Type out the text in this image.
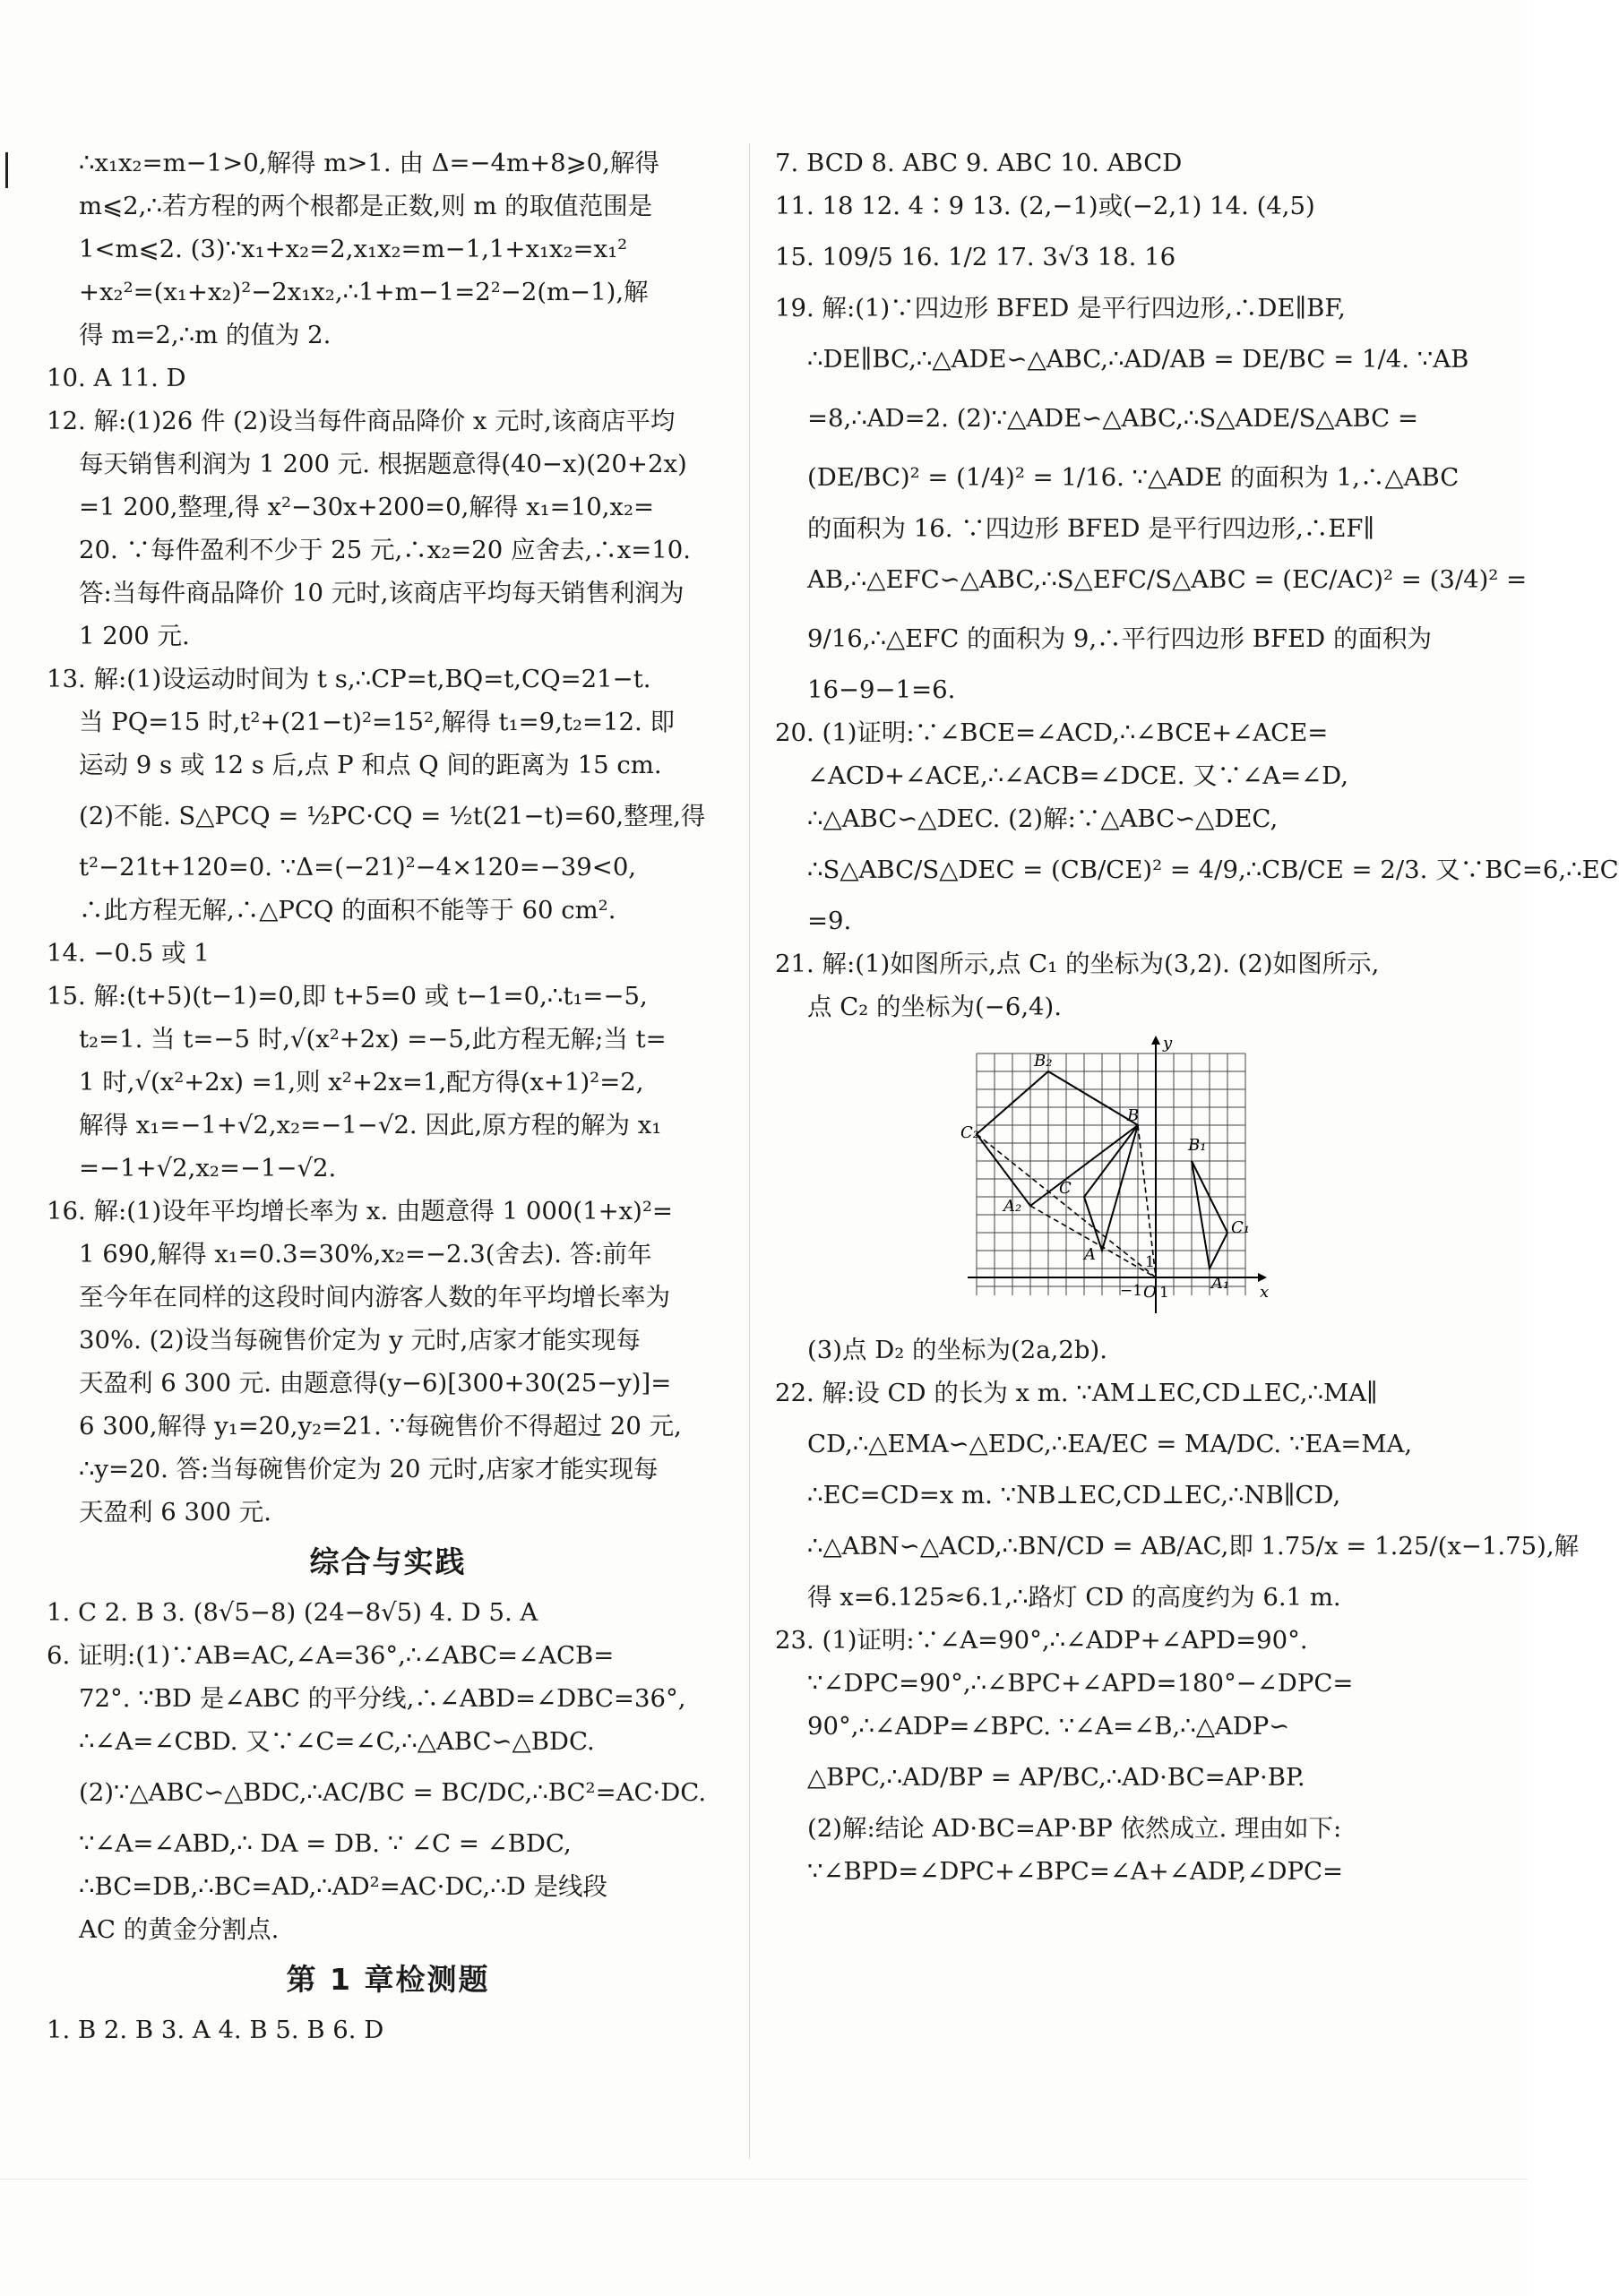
∴x₁x₂=m−1>0,解得 m>1. 由 Δ=−4m+8⩾0,解得
m⩽2,∴若方程的两个根都是正数,则 m 的取值范围是
1<m⩽2. (3)∵x₁+x₂=2,x₁x₂=m−1,1+x₁x₂=x₁²
+x₂²=(x₁+x₂)²−2x₁x₂,∴1+m−1=2²−2(m−1),解
得 m=2,∴m 的值为 2.
10. A 11. D
12. 解:(1)26 件 (2)设当每件商品降价 x 元时,该商店平均
每天销售利润为 1 200 元. 根据题意得(40−x)(20+2x)
=1 200,整理,得 x²−30x+200=0,解得 x₁=10,x₂=
20. ∵每件盈利不少于 25 元,∴x₂=20 应舍去,∴x=10.
答:当每件商品降价 10 元时,该商店平均每天销售利润为
1 200 元.
13. 解:(1)设运动时间为 t s,∴CP=t,BQ=t,CQ=21−t.
当 PQ=15 时,t²+(21−t)²=15²,解得 t₁=9,t₂=12. 即
运动 9 s 或 12 s 后,点 P 和点 Q 间的距离为 15 cm.
(2)不能. S△PCQ = ½PC·CQ = ½t(21−t)=60,整理,得
t²−21t+120=0. ∵Δ=(−21)²−4×120=−39<0,
∴此方程无解,∴△PCQ 的面积不能等于 60 cm².
14. −0.5 或 1
15. 解:(t+5)(t−1)=0,即 t+5=0 或 t−1=0,∴t₁=−5,
t₂=1. 当 t=−5 时,√(x²+2x) =−5,此方程无解;当 t=
1 时,√(x²+2x) =1,则 x²+2x=1,配方得(x+1)²=2,
解得 x₁=−1+√2,x₂=−1−√2. 因此,原方程的解为 x₁
=−1+√2,x₂=−1−√2.
16. 解:(1)设年平均增长率为 x. 由题意得 1 000(1+x)²=
1 690,解得 x₁=0.3=30%,x₂=−2.3(舍去). 答:前年
至今年在同样的这段时间内游客人数的年平均增长率为
30%. (2)设当每碗售价定为 y 元时,店家才能实现每
天盈利 6 300 元. 由题意得(y−6)[300+30(25−y)]=
6 300,解得 y₁=20,y₂=21. ∵每碗售价不得超过 20 元,
∴y=20. 答:当每碗售价定为 20 元时,店家才能实现每
天盈利 6 300 元.
综合与实践
1. C 2. B 3. (8√5−8) (24−8√5) 4. D 5. A
6. 证明:(1)∵AB=AC,∠A=36°,∴∠ABC=∠ACB=
72°. ∵BD 是∠ABC 的平分线,∴∠ABD=∠DBC=36°,
∴∠A=∠CBD. 又∵∠C=∠C,∴△ABC∽△BDC.
(2)∵△ABC∽△BDC,∴AC/BC = BC/DC,∴BC²=AC·DC.
∵∠A=∠ABD,∴ DA = DB. ∵ ∠C = ∠BDC,
∴BC=DB,∴BC=AD,∴AD²=AC·DC,∴D 是线段
AC 的黄金分割点.
第 1 章检测题
1. B 2. B 3. A 4. B 5. B 6. D
7. BCD 8. ABC 9. ABC 10. ABCD
11. 18 12. 4∶9 13. (2,−1)或(−2,1) 14. (4,5)
15. 109/5 16. 1/2 17. 3√3 18. 16
19. 解:(1)∵四边形 BFED 是平行四边形,∴DE∥BF,
∴DE∥BC,∴△ADE∽△ABC,∴AD/AB = DE/BC = 1/4. ∵AB
=8,∴AD=2. (2)∵△ADE∽△ABC,∴S△ADE/S△ABC =
(DE/BC)² = (1/4)² = 1/16. ∵△ADE 的面积为 1,∴△ABC
的面积为 16. ∵四边形 BFED 是平行四边形,∴EF∥
AB,∴△EFC∽△ABC,∴S△EFC/S△ABC = (EC/AC)² = (3/4)² =
9/16,∴△EFC 的面积为 9,∴平行四边形 BFED 的面积为
16−9−1=6.
20. (1)证明:∵∠BCE=∠ACD,∴∠BCE+∠ACE=
∠ACD+∠ACE,∴∠ACB=∠DCE. 又∵∠A=∠D,
∴△ABC∽△DEC. (2)解:∵△ABC∽△DEC,
∴S△ABC/S△DEC = (CB/CE)² = 4/9,∴CB/CE = 2/3. 又∵BC=6,∴EC
=9.
21. 解:(1)如图所示,点 C₁ 的坐标为(3,2). (2)如图所示,
点 C₂ 的坐标为(−6,4).
B₂
C₂
A₂
C
B
A
B₁
C₁
A₁ x
y
O 1
−1
1
(3)点 D₂ 的坐标为(2a,2b).
22. 解:设 CD 的长为 x m. ∵AM⊥EC,CD⊥EC,∴MA∥
CD,∴△EMA∽△EDC,∴EA/EC = MA/DC. ∵EA=MA,
∴EC=CD=x m. ∵NB⊥EC,CD⊥EC,∴NB∥CD,
∴△ABN∽△ACD,∴BN/CD = AB/AC,即 1.75/x = 1.25/(x−1.75),解
得 x=6.125≈6.1,∴路灯 CD 的高度约为 6.1 m.
23. (1)证明:∵∠A=90°,∴∠ADP+∠APD=90°.
∵∠DPC=90°,∴∠BPC+∠APD=180°−∠DPC=
90°,∴∠ADP=∠BPC. ∵∠A=∠B,∴△ADP∽
△BPC,∴AD/BP = AP/BC,∴AD·BC=AP·BP.
(2)解:结论 AD·BC=AP·BP 依然成立. 理由如下:
∵∠BPD=∠DPC+∠BPC=∠A+∠ADP,∠DPC=
